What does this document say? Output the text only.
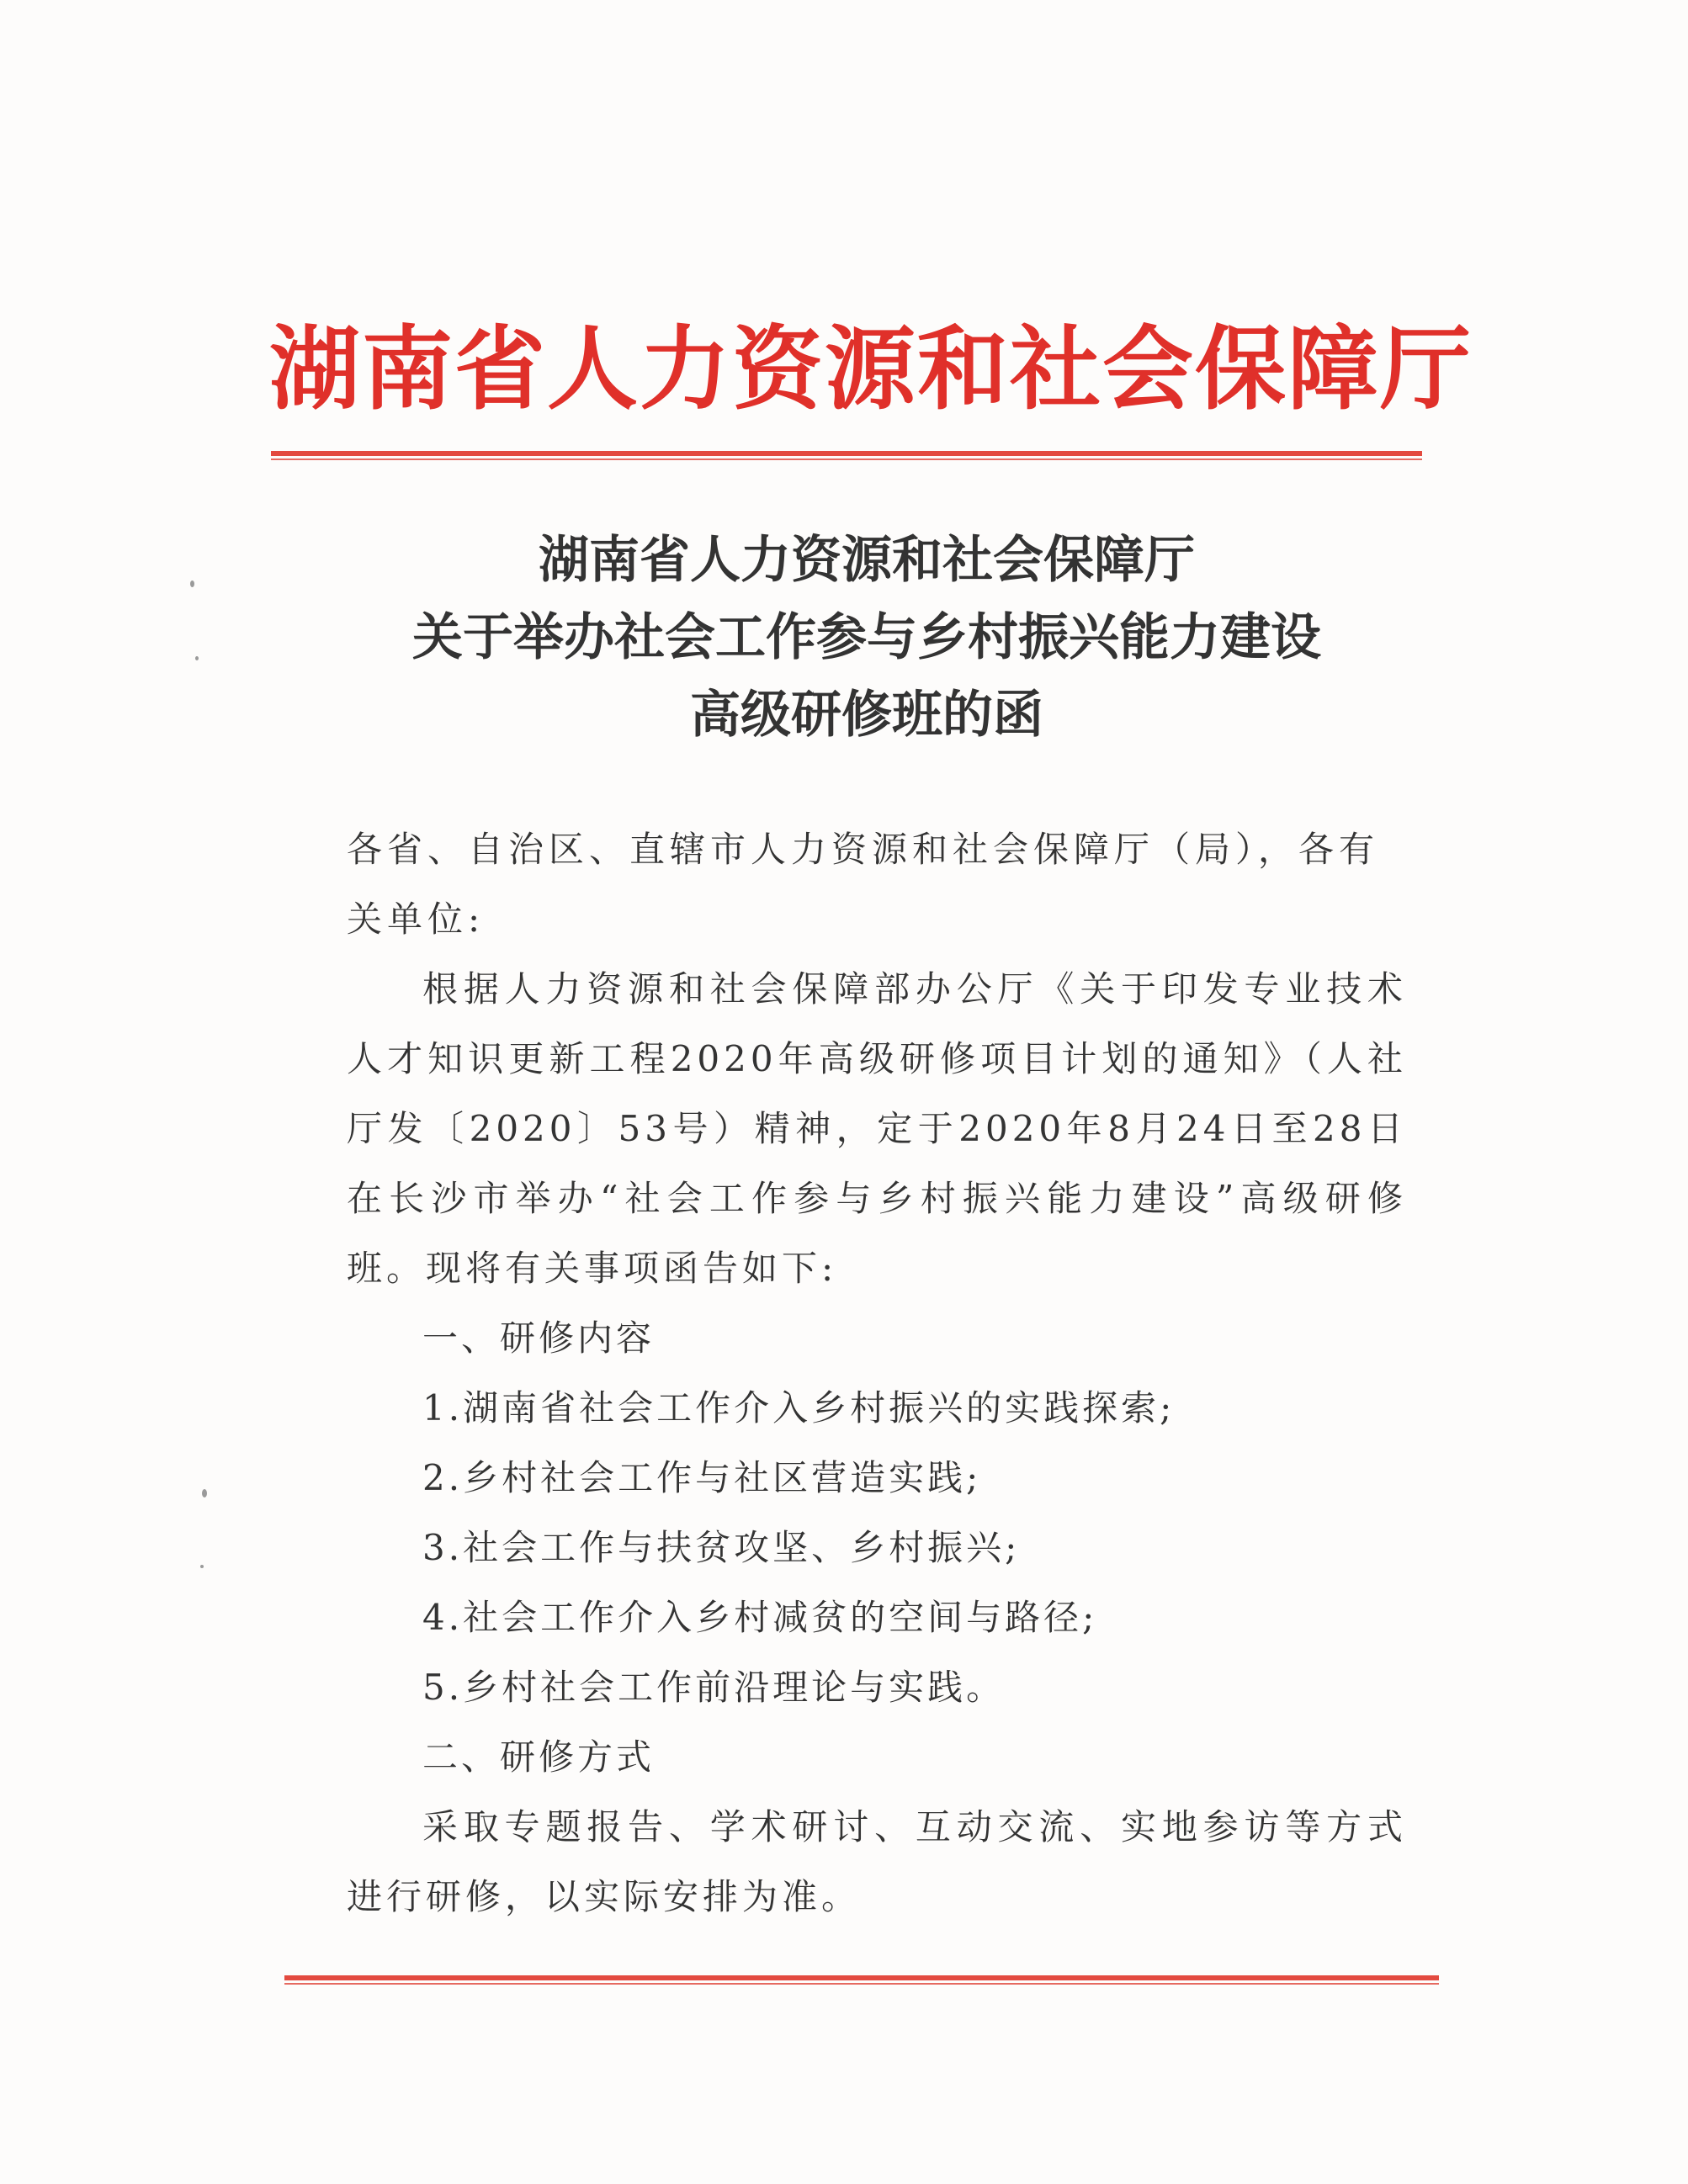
湖南省人力资源和社会保障厅
湖南省人力资源和社会保障厅
关于举办社会工作参与乡村振兴能力建设
高级研修班的函

各省、自治区、直辖市人力资源和社会保障厅（局），各有关单位:

根据人力资源和社会保障部办公厅《关于印发专业技术人才知识更新工程2020年高级研修项目计划的通知》（人社厅发〔2020〕53号）精神，定于2020年8月24日至28日在长沙市举办“社会工作参与乡村振兴能力建设”高级研修班。现将有关事项函告如下:

一、研修内容

1.湖南省社会工作介入乡村振兴的实践探索;

2.乡村社会工作与社区营造实践;

3.社会工作与扶贫攻坚、乡村振兴;

4.社会工作介入乡村减贫的空间与路径;

5.乡村社会工作前沿理论与实践。

二、研修方式

采取专题报告、学术研讨、互动交流、实地参访等方式进行研修，以实际安排为准。
